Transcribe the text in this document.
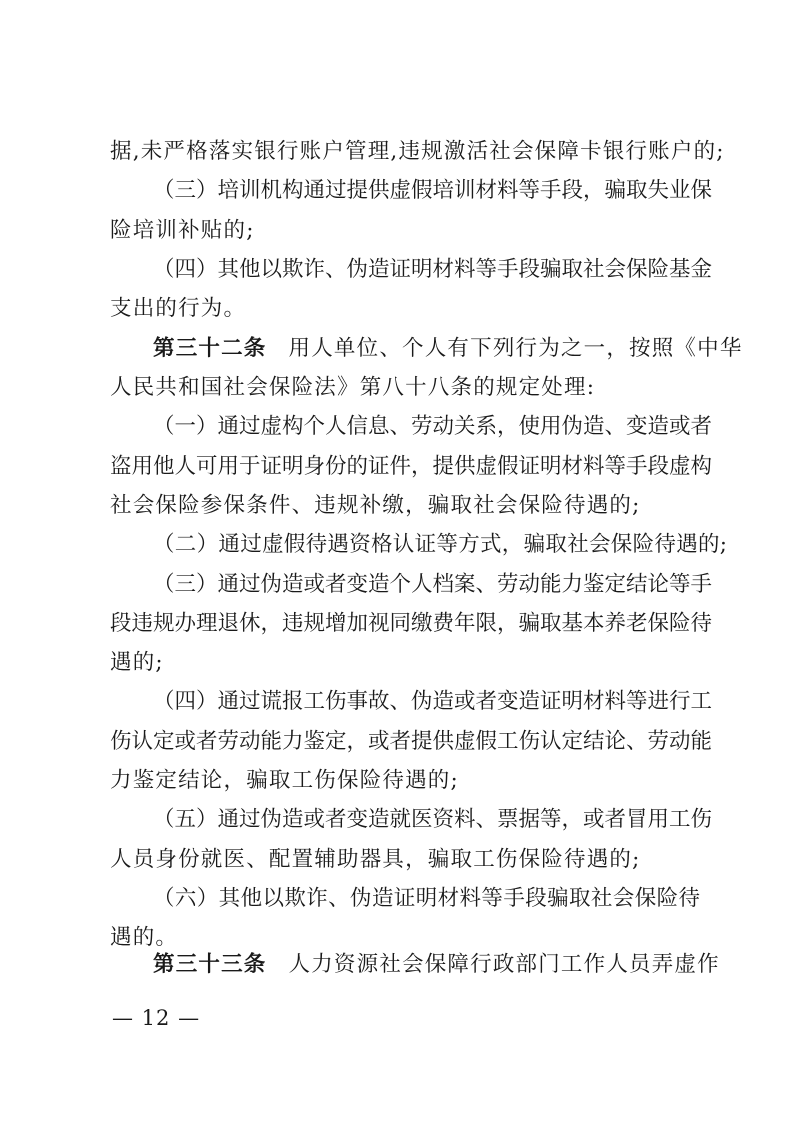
据,未严格落实银行账户管理,违规激活社会保障卡银行账户的;
（三）培训机构通过提供虚假培训材料等手段，骗取失业保
险培训补贴的;
（四）其他以欺诈、伪造证明材料等手段骗取社会保险基金
支出的行为。
第三十二条 用人单位、个人有下列行为之一，按照《中华
人民共和国社会保险法》第八十八条的规定处理:
（一）通过虚构个人信息、劳动关系，使用伪造、变造或者
盗用他人可用于证明身份的证件，提供虚假证明材料等手段虚构
社会保险参保条件、违规补缴，骗取社会保险待遇的;
（二）通过虚假待遇资格认证等方式，骗取社会保险待遇的;
（三）通过伪造或者变造个人档案、劳动能力鉴定结论等手
段违规办理退休，违规增加视同缴费年限，骗取基本养老保险待
遇的;
（四）通过谎报工伤事故、伪造或者变造证明材料等进行工
伤认定或者劳动能力鉴定，或者提供虚假工伤认定结论、劳动能
力鉴定结论，骗取工伤保险待遇的;
（五）通过伪造或者变造就医资料、票据等，或者冒用工伤
人员身份就医、配置辅助器具，骗取工伤保险待遇的;
（六）其他以欺诈、伪造证明材料等手段骗取社会保险待
遇的。
第三十三条 人力资源社会保障行政部门工作人员弄虚作
— 12 —
